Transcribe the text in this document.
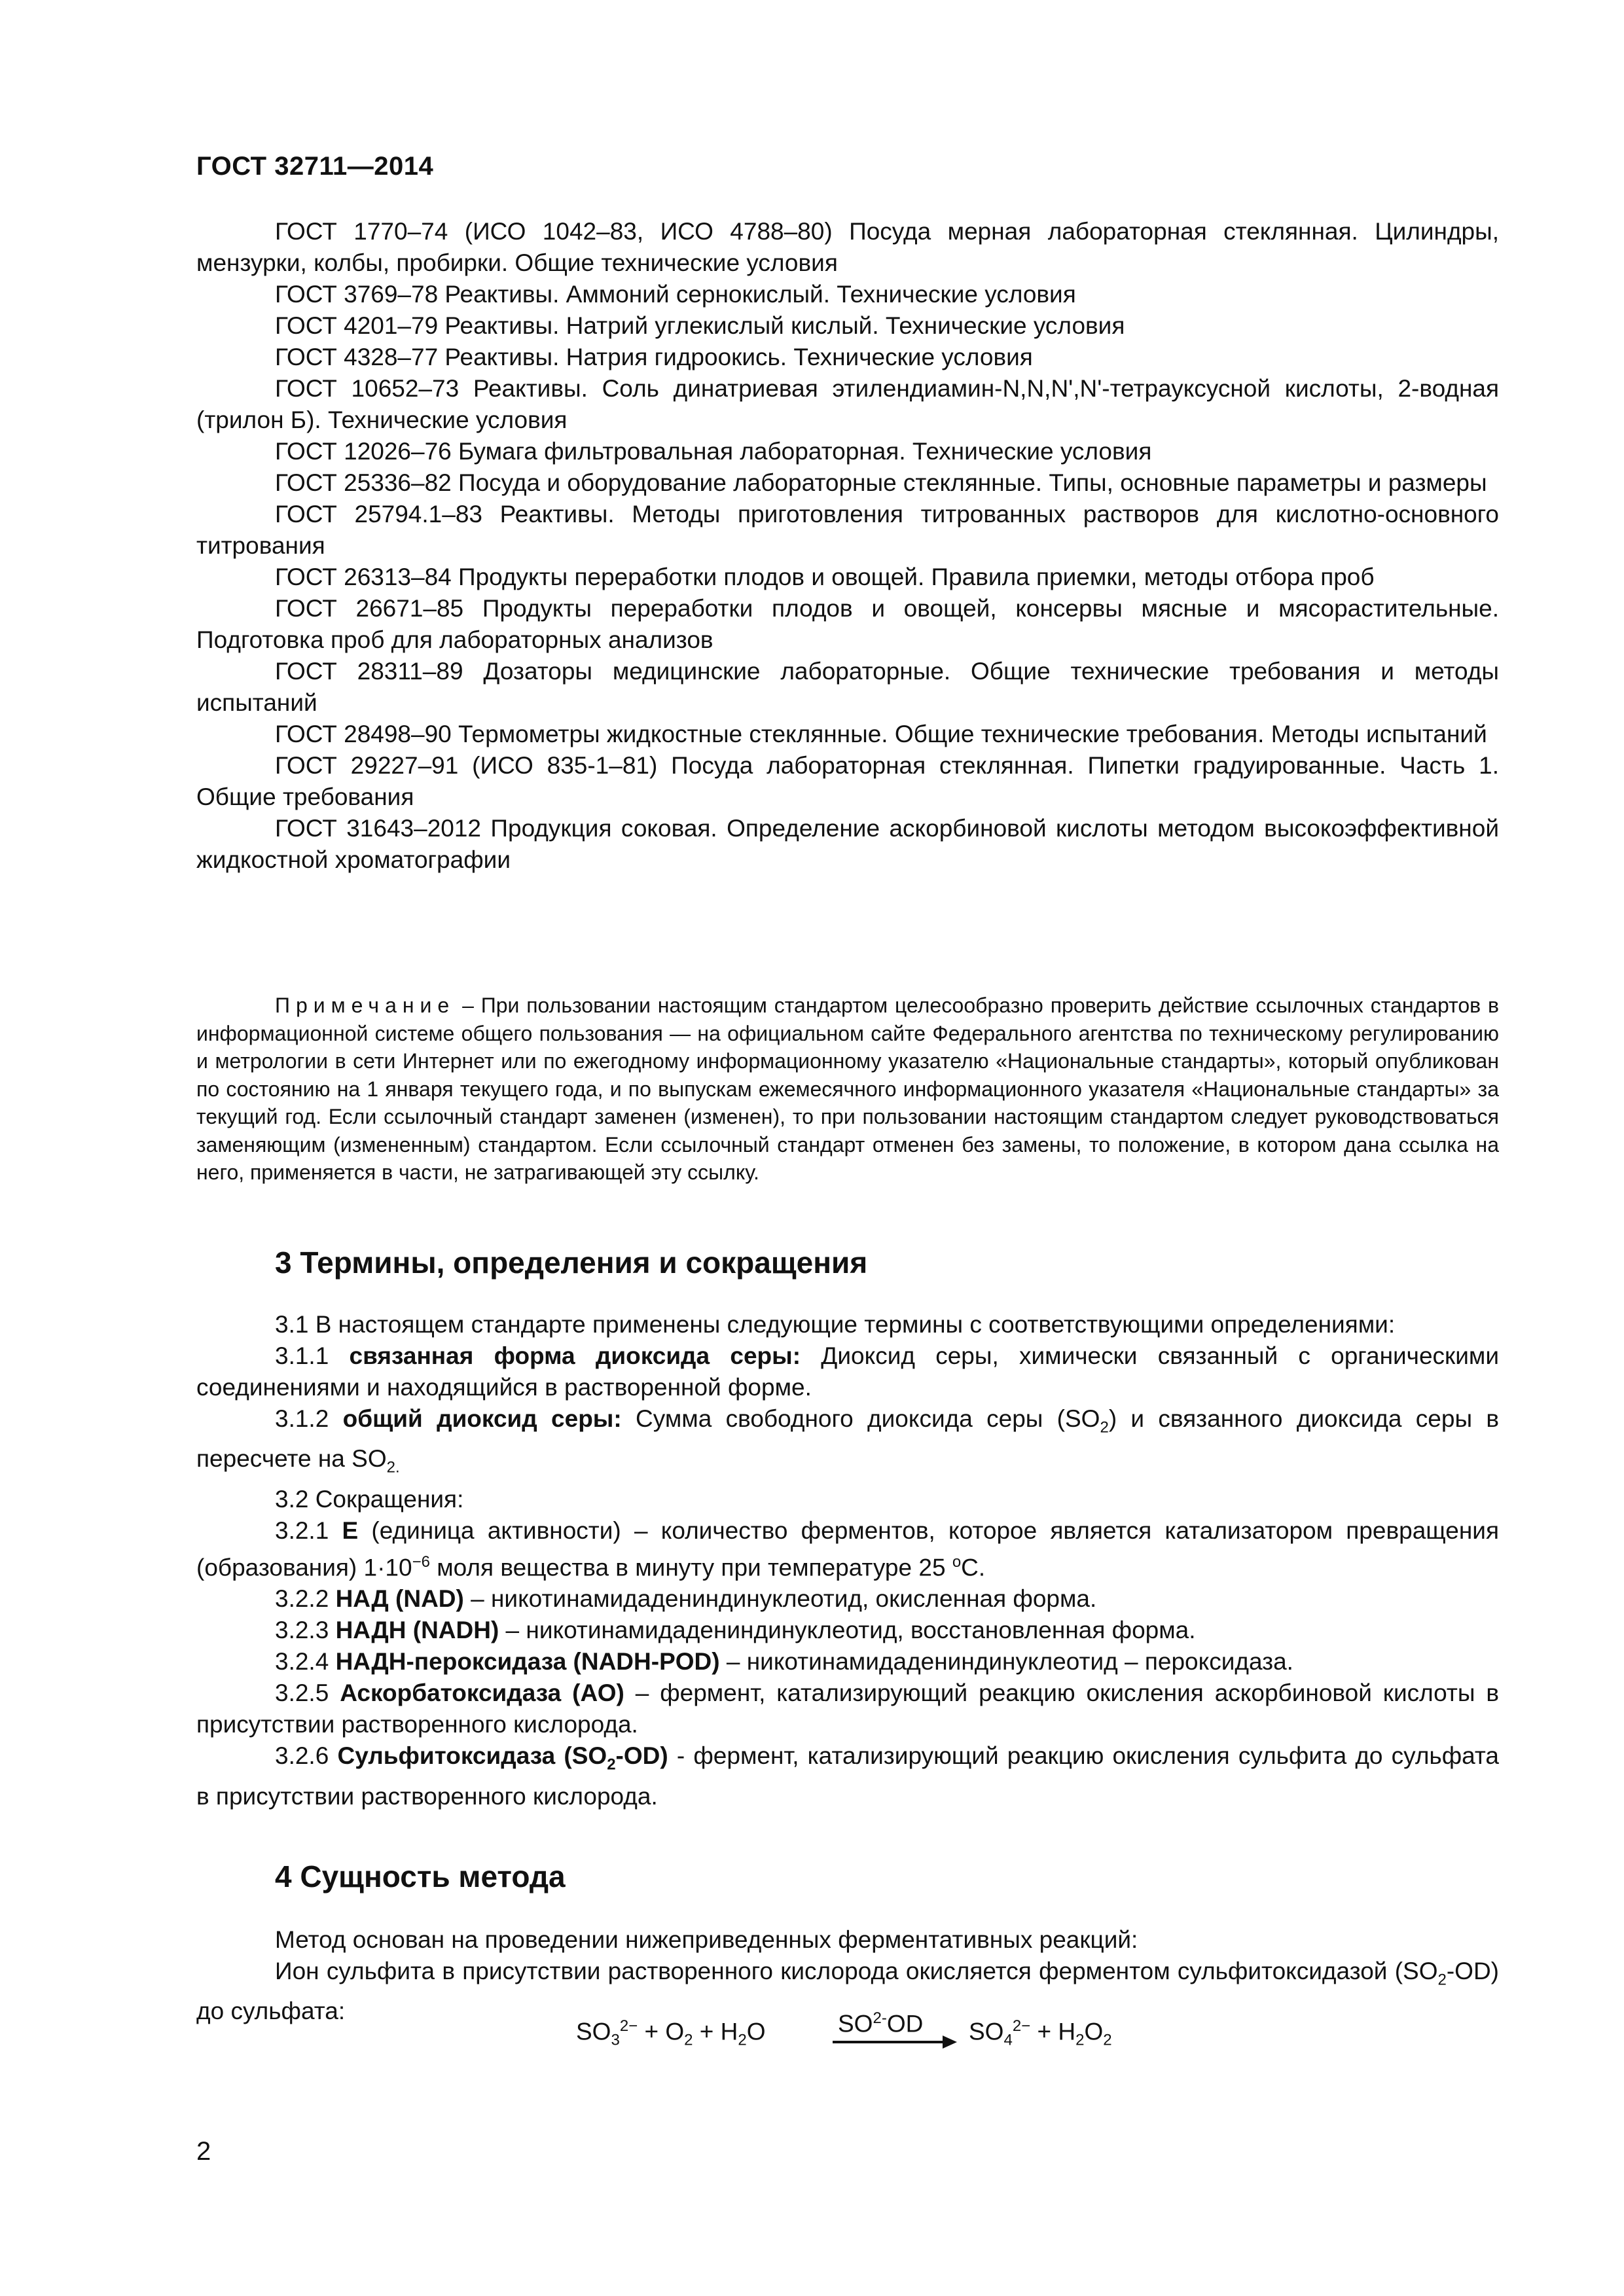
ГОСТ 32711—2014

ГОСТ 1770–74 (ИСО 1042–83, ИСО 4788–80) Посуда мерная лабораторная стеклянная. Цилиндры, мензурки, колбы, пробирки. Общие технические условия

ГОСТ 3769–78 Реактивы. Аммоний сернокислый. Технические условия

ГОСТ 4201–79 Реактивы. Натрий углекислый кислый. Технические условия

ГОСТ 4328–77 Реактивы. Натрия гидроокись. Технические условия

ГОСТ 10652–73 Реактивы. Соль динатриевая этилендиамин-N,N,N',N'-тетрауксусной кислоты, 2-водная (трилон Б). Технические условия

ГОСТ 12026–76 Бумага фильтровальная лабораторная. Технические условия

ГОСТ 25336–82 Посуда и оборудование лабораторные стеклянные. Типы, основные параметры и размеры

ГОСТ 25794.1–83 Реактивы. Методы приготовления титрованных растворов для кислотно-основного титрования

ГОСТ 26313–84 Продукты переработки плодов и овощей. Правила приемки, методы отбора проб

ГОСТ 26671–85 Продукты переработки плодов и овощей, консервы мясные и мясорастительные. Подготовка проб для лабораторных анализов

ГОСТ 28311–89 Дозаторы медицинские лабораторные. Общие технические требования и методы испытаний

ГОСТ 28498–90 Термометры жидкостные стеклянные. Общие технические требования. Методы испытаний

ГОСТ 29227–91 (ИСО 835-1–81) Посуда лабораторная стеклянная. Пипетки градуированные. Часть 1. Общие требования

ГОСТ 31643–2012 Продукция соковая. Определение аскорбиновой кислоты методом высокоэффективной жидкостной хроматографии

Примечание – При пользовании настоящим стандартом целесообразно проверить действие ссылочных стандартов в информационной системе общего пользования — на официальном сайте Федерального агентства по техническому регулированию и метрологии в сети Интернет или по ежегодному информационному указателю «Национальные стандарты», который опубликован по состоянию на 1 января текущего года, и по выпускам ежемесячного информационного указателя «Национальные стандарты» за текущий год. Если ссылочный стандарт заменен (изменен), то при пользовании настоящим стандартом следует руководствоваться заменяющим (измененным) стандартом. Если ссылочный стандарт отменен без замены, то положение, в котором дана ссылка на него, применяется в части, не затрагивающей эту ссылку.

3 Термины, определения и сокращения

3.1 В настоящем стандарте применены следующие термины с соответствующими определениями:

3.1.1 связанная форма диоксида серы: Диоксид серы, химически связанный с органическими соединениями и находящийся в растворенной форме.

3.1.2 общий диоксид серы: Сумма свободного диоксида серы $(SO_2)$ и связанного диоксида серы в пересчете на $SO_{2.}$

3.2 Сокращения:

3.2.1 Е (единица активности) – количество ферментов, которое является катализатором превращения (образования) $1\cdot 10^{-6}$ моля вещества в минуту при температуре 25 $^o$С.

3.2.2 НАД (NAD) – никотинамидадениндинуклеотид, окисленная форма.

3.2.3 НАДН (NADH) – никотинамидадениндинуклеотид, восстановленная форма.

3.2.4 НАДН-пероксидаза (NADH-POD) – никотинамидадениндинуклеотид – пероксидаза.

3.2.5 Аскорбатоксидаза (АО) – фермент, катализирующий реакцию окисления аскорбиновой кислоты в присутствии растворенного кислорода.

3.2.6 Сульфитоксидаза $(SO_2-OD)$ - фермент, катализирующий реакцию окисления сульфита до сульфата в присутствии растворенного кислорода.

4 Сущность метода

Метод основан на проведении нижеприведенных ферментативных реакций:

Ион сульфита в присутствии растворенного кислорода окисляется ферментом сульфитоксидазой $(SO_2-OD)$ до сульфата:

$SO_3^{2-} + O_2 + H_2O$	$SO^{2-}OD$ $SO_4^{2-} + H_2O_2$
2
